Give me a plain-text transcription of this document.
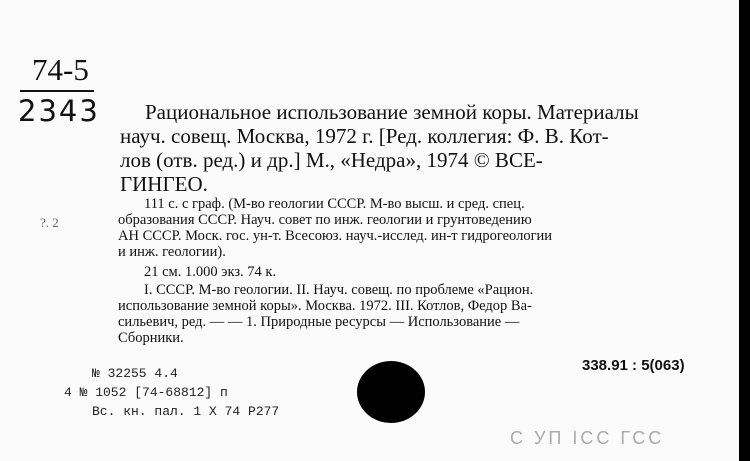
74-5
2343	Рациональное использование земной коры. Материалы
науч. совещ. Москва, 1972 г. [Ред. коллегия: Ф. В. Кот-
лов (отв. ред.) и др.] М., «Недра», 1974 © ВСЕ-
ГИНГЕО.
?. 2
111 с. с граф. (М-во геологии СССР. М-во высш. и сред. спец.
образования СССР. Науч. совет по инж. геологии и грунтоведению
АН СССР. Моск. гос. ун-т. Всесоюз. науч.-исслед. ин-т гидрогеологии
и инж. геологии).
21 см. 1.000 экз. 74 к.
I. СССР. М-во геологии. II. Науч. совещ. по проблеме «Рацион.
использование земной коры». Москва. 1972. III. Котлов, Федор Ва-
сильевич, ред. — — 1. Природные ресурсы — Использование —
Сборники.
338.91 : 5(063)
№ 32255 4.4
4 № 1052 [74-68812] п
Вс. кн. пал. 1 Х 74 Р277
С УП ІСС ГСС
